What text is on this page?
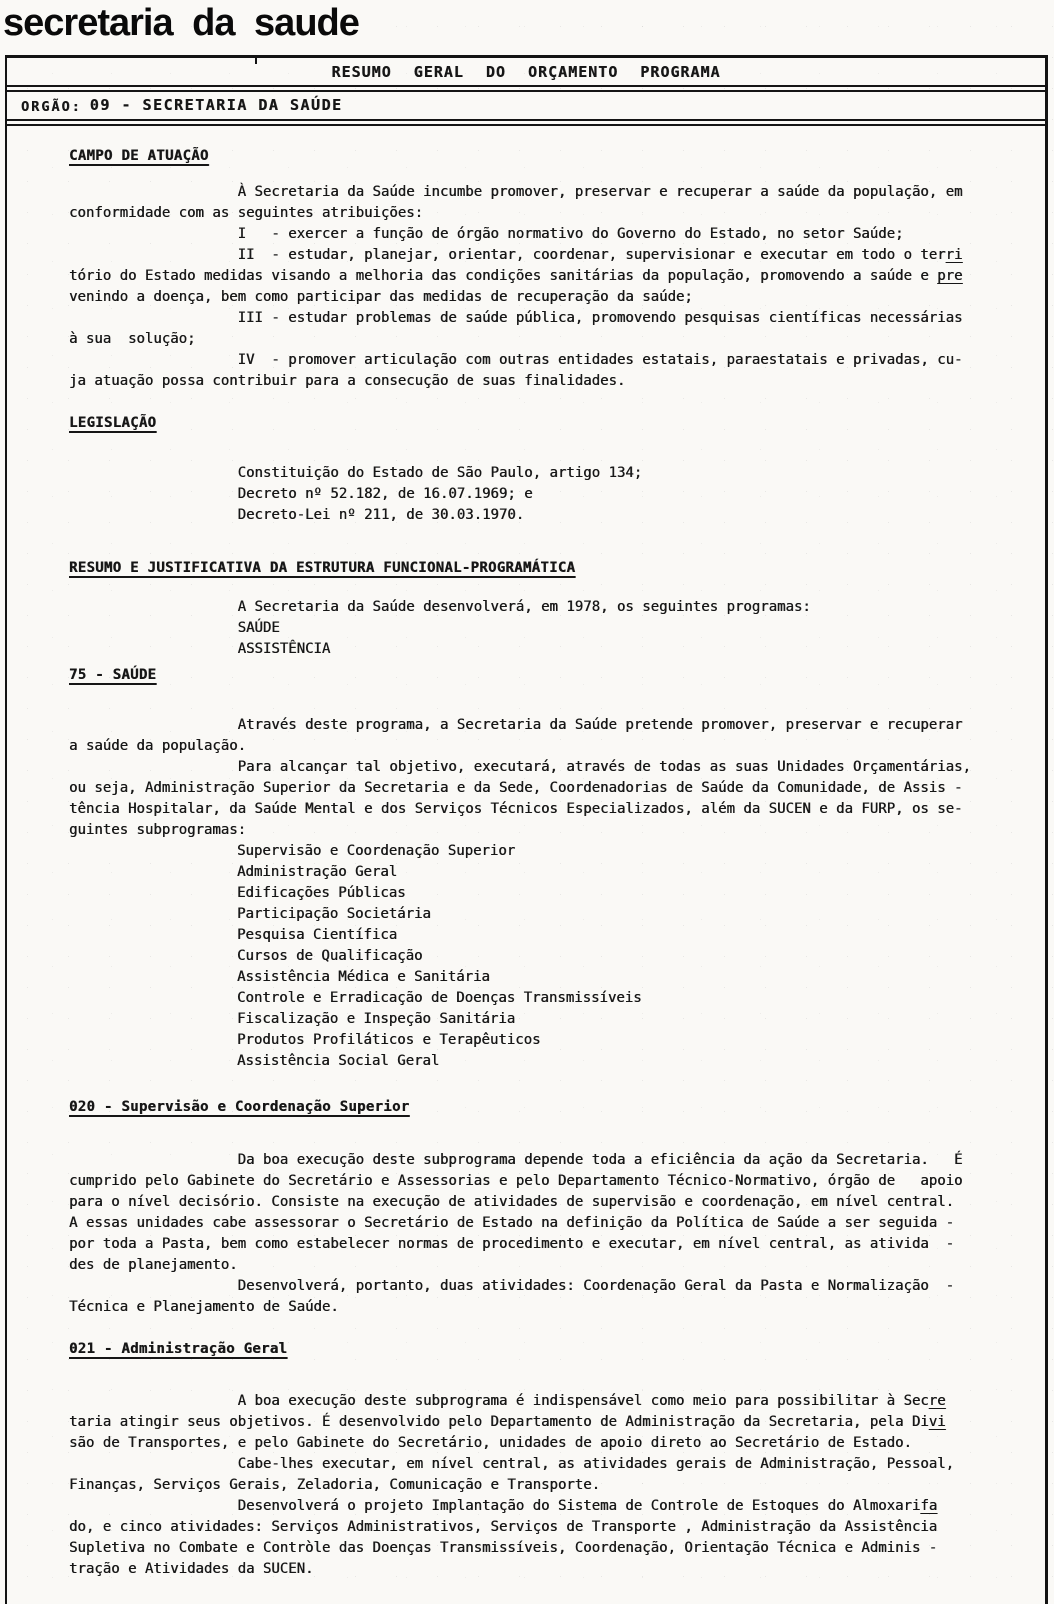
secretaria da saude
RESUMO GERAL DO ORÇAMENTO PROGRAMA
ORGÃO: 09 - SECRETARIA DA SAÚDE
CAMPO DE ATUAÇÃO
À Secretaria da Saúde incumbe promover, preservar e recuperar a saúde da população, em
conformidade com as seguintes atribuições:
I   - exercer a função de órgão normativo do Governo do Estado, no setor Saúde;
II  - estudar, planejar, orientar, coordenar, supervisionar e executar em todo o terri
tório do Estado medidas visando a melhoria das condições sanitárias da população, promovendo a saúde e pre
venindo a doença, bem como participar das medidas de recuperação da saúde;
III - estudar problemas de saúde pública, promovendo pesquisas científicas necessárias
à sua  solução;
IV  - promover articulação com outras entidades estatais, paraestatais e privadas, cu-
ja atuação possa contribuir para a consecução de suas finalidades.
LEGISLAÇÃO
Constituição do Estado de São Paulo, artigo 134;
Decreto nº 52.182, de 16.07.1969; e
Decreto-Lei nº 211, de 30.03.1970.
RESUMO E JUSTIFICATIVA DA ESTRUTURA FUNCIONAL-PROGRAMÁTICA
A Secretaria da Saúde desenvolverá, em 1978, os seguintes programas:
SAÚDE
ASSISTÊNCIA
75 - SAÚDE
Através deste programa, a Secretaria da Saúde pretende promover, preservar e recuperar
a saúde da população.
Para alcançar tal objetivo, executará, através de todas as suas Unidades Orçamentárias,
ou seja, Administração Superior da Secretaria e da Sede, Coordenadorias de Saúde da Comunidade, de Assis -
tência Hospitalar, da Saúde Mental e dos Serviços Técnicos Especializados, além da SUCEN e da FURP, os se-
guintes subprogramas:
Supervisão e Coordenação Superior
Administração Geral
Edificações Públicas
Participação Societária
Pesquisa Científica
Cursos de Qualificação
Assistência Médica e Sanitária
Controle e Erradicação de Doenças Transmissíveis
Fiscalização e Inspeção Sanitária
Produtos Profiláticos e Terapêuticos
Assistência Social Geral
020 - Supervisão e Coordenação Superior
Da boa execução deste subprograma depende toda a eficiência da ação da Secretaria.   É
cumprido pelo Gabinete do Secretário e Assessorias e pelo Departamento Técnico-Normativo, órgão de   apoio
para o nível decisório. Consiste na execução de atividades de supervisão e coordenação, em nível central.
A essas unidades cabe assessorar o Secretário de Estado na definição da Política de Saúde a ser seguida -
por toda a Pasta, bem como estabelecer normas de procedimento e executar, em nível central, as ativida  -
des de planejamento.
Desenvolverá, portanto, duas atividades: Coordenação Geral da Pasta e Normalização  -
Técnica e Planejamento de Saúde.
021 - Administração Geral
A boa execução deste subprograma é indispensável como meio para possibilitar à Secre
taria atingir seus objetivos. É desenvolvido pelo Departamento de Administração da Secretaria, pela Divi
são de Transportes, e pelo Gabinete do Secretário, unidades de apoio direto ao Secretário de Estado.
Cabe-lhes executar, em nível central, as atividades gerais de Administração, Pessoal,
Finanças, Serviços Gerais, Zeladoria, Comunicação e Transporte.
Desenvolverá o projeto Implantação do Sistema de Controle de Estoques do Almoxarifa
do, e cinco atividades: Serviços Administrativos, Serviços de Transporte , Administração da Assistência
Supletiva no Combate e Contròle das Doenças Transmissíveis, Coordenação, Orientação Técnica e Adminis -
tração e Atividades da SUCEN.
